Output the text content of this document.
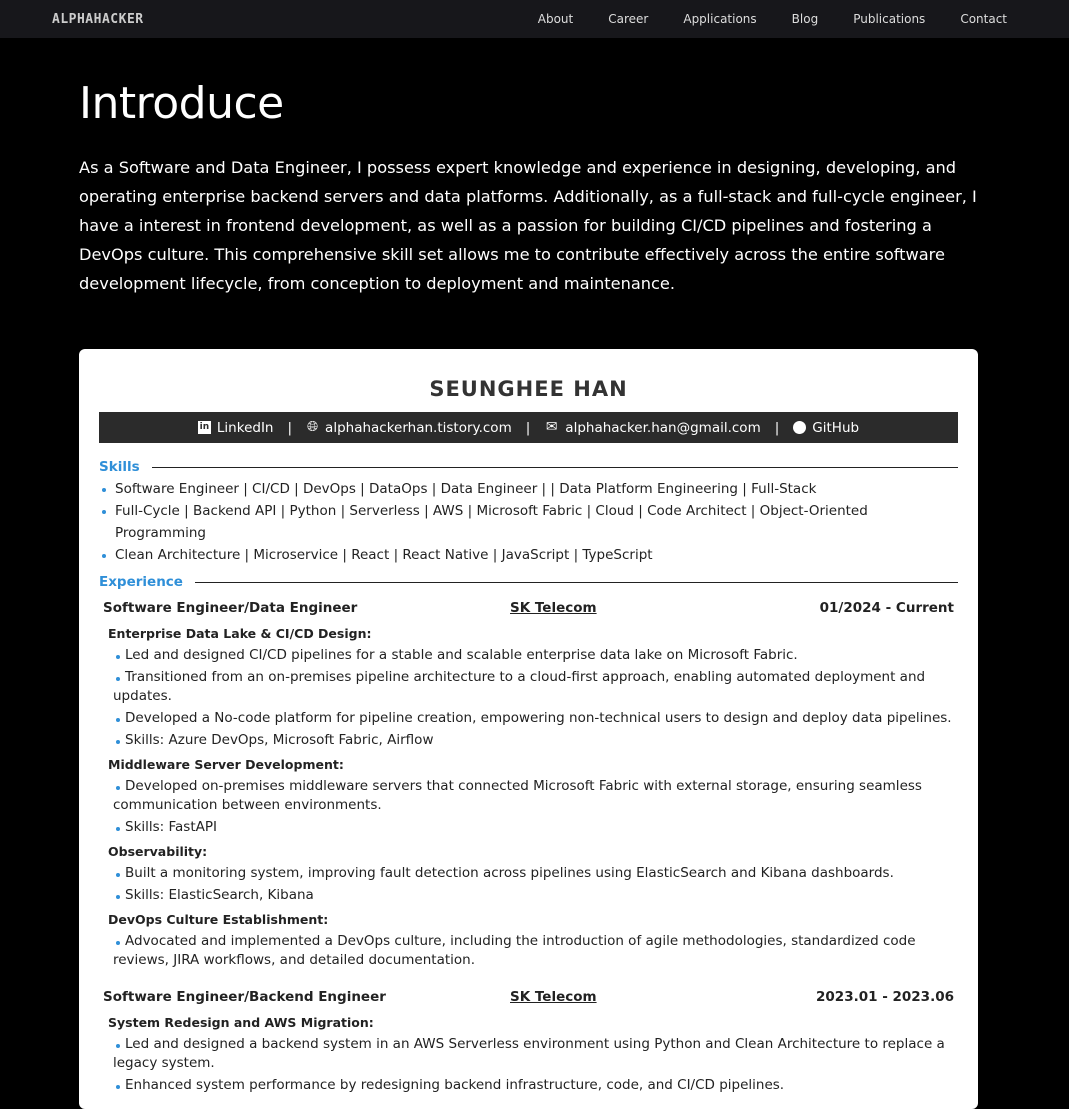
ALPHAHACKER	About	Career	Applications	Blog	Publications	Contact
Introduce

As a Software and Data Engineer, I possess expert knowledge and experience in designing, developing, and operating enterprise backend servers and data platforms. Additionally, as a full-stack and full-cycle engineer, I have a interest in frontend development, as well as a passion for building CI/CD pipelines and fostering a DevOps culture. This comprehensive skill set allows me to contribute effectively across the entire software development lifecycle, from conception to deployment and maintenance.

SEUNGHEE HAN
in LinkedIn | 🌐︎ alphahackerhan.tistory.com | ✉ alphahacker.han@gmail.com | GitHub
Skills
Software Engineer | CI/CD | DevOps | DataOps | Data Engineer | | Data Platform Engineering | Full-Stack
Full-Cycle | Backend API | Python | Serverless | AWS | Microsoft Fabric | Cloud | Code Architect | Object-Oriented Programming
Clean Architecture | Microservice | React | React Native | JavaScript | TypeScript
Experience
Software Engineer/Data Engineer	SK Telecom	01/2024 - Current
Enterprise Data Lake & CI/CD Design:
Led and designed CI/CD pipelines for a stable and scalable enterprise data lake on Microsoft Fabric.
Transitioned from an on-premises pipeline architecture to a cloud-first approach, enabling automated deployment and updates.
Developed a No-code platform for pipeline creation, empowering non-technical users to design and deploy data pipelines.
Skills: Azure DevOps, Microsoft Fabric, Airflow
Middleware Server Development:
Developed on-premises middleware servers that connected Microsoft Fabric with external storage, ensuring seamless communication between environments.
Skills: FastAPI
Observability:
Built a monitoring system, improving fault detection across pipelines using ElasticSearch and Kibana dashboards.
Skills: ElasticSearch, Kibana
DevOps Culture Establishment:
Advocated and implemented a DevOps culture, including the introduction of agile methodologies, standardized code reviews, JIRA workflows, and detailed documentation.
Software Engineer/Backend Engineer	SK Telecom	2023.01 - 2023.06
System Redesign and AWS Migration:
Led and designed a backend system in an AWS Serverless environment using Python and Clean Architecture to replace a legacy system.
Enhanced system performance by redesigning backend infrastructure, code, and CI/CD pipelines.
